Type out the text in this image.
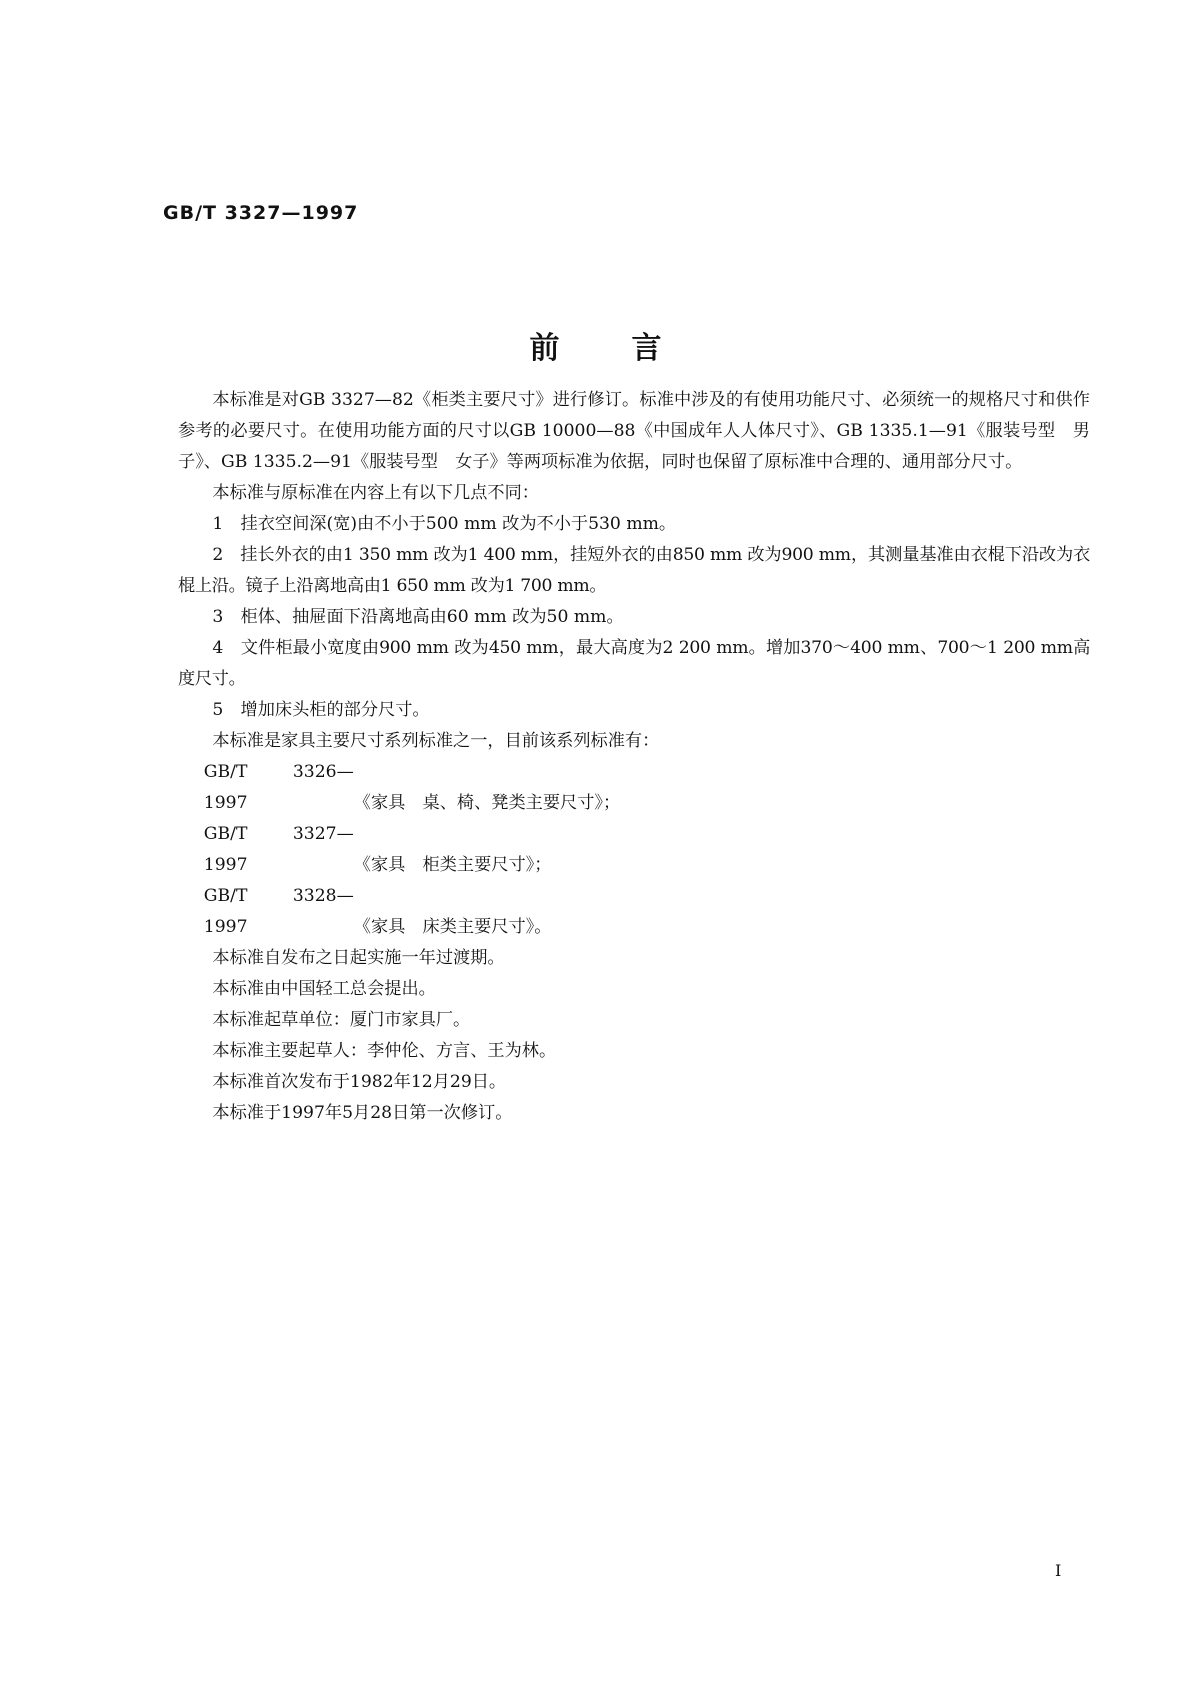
GB/T 3327—1997
前言

本标准是对GB 3327—82《柜类主要尺寸》进行修订。标准中涉及的有使用功能尺寸、必须统一的规格尺寸和供作参考的必要尺寸。在使用功能方面的尺寸以GB 10000—88《中国成年人人体尺寸》、GB 1335.1—91《服装号型　男子》、GB 1335.2—91《服装号型　女子》等两项标准为依据，同时也保留了原标准中合理的、通用部分尺寸。

本标准与原标准在内容上有以下几点不同：

1　挂衣空间深(宽)由不小于500 mm 改为不小于530 mm。

2　挂长外衣的由1 350 mm 改为1 400 mm，挂短外衣的由850 mm 改为900 mm，其测量基准由衣棍下沿改为衣棍上沿。镜子上沿离地高由1 650 mm 改为1 700 mm。

3　柜体、抽屉面下沿离地高由60 mm 改为50 mm。

4　文件柜最小宽度由900 mm 改为450 mm，最大高度为2 200 mm。增加370～400 mm、700～1 200 mm高度尺寸。

5　增加床头柜的部分尺寸。

本标准是家具主要尺寸系列标准之一，目前该系列标准有：

GB/T 3326—1997	《家具　桌、椅、凳类主要尺寸》；

GB/T 3327—1997	《家具　柜类主要尺寸》；

GB/T 3328—1997	《家具　床类主要尺寸》。

本标准自发布之日起实施一年过渡期。

本标准由中国轻工总会提出。

本标准起草单位：厦门市家具厂。

本标准主要起草人：李仲伦、方言、王为林。

本标准首次发布于1982年12月29日。

本标准于1997年5月28日第一次修订。

I
